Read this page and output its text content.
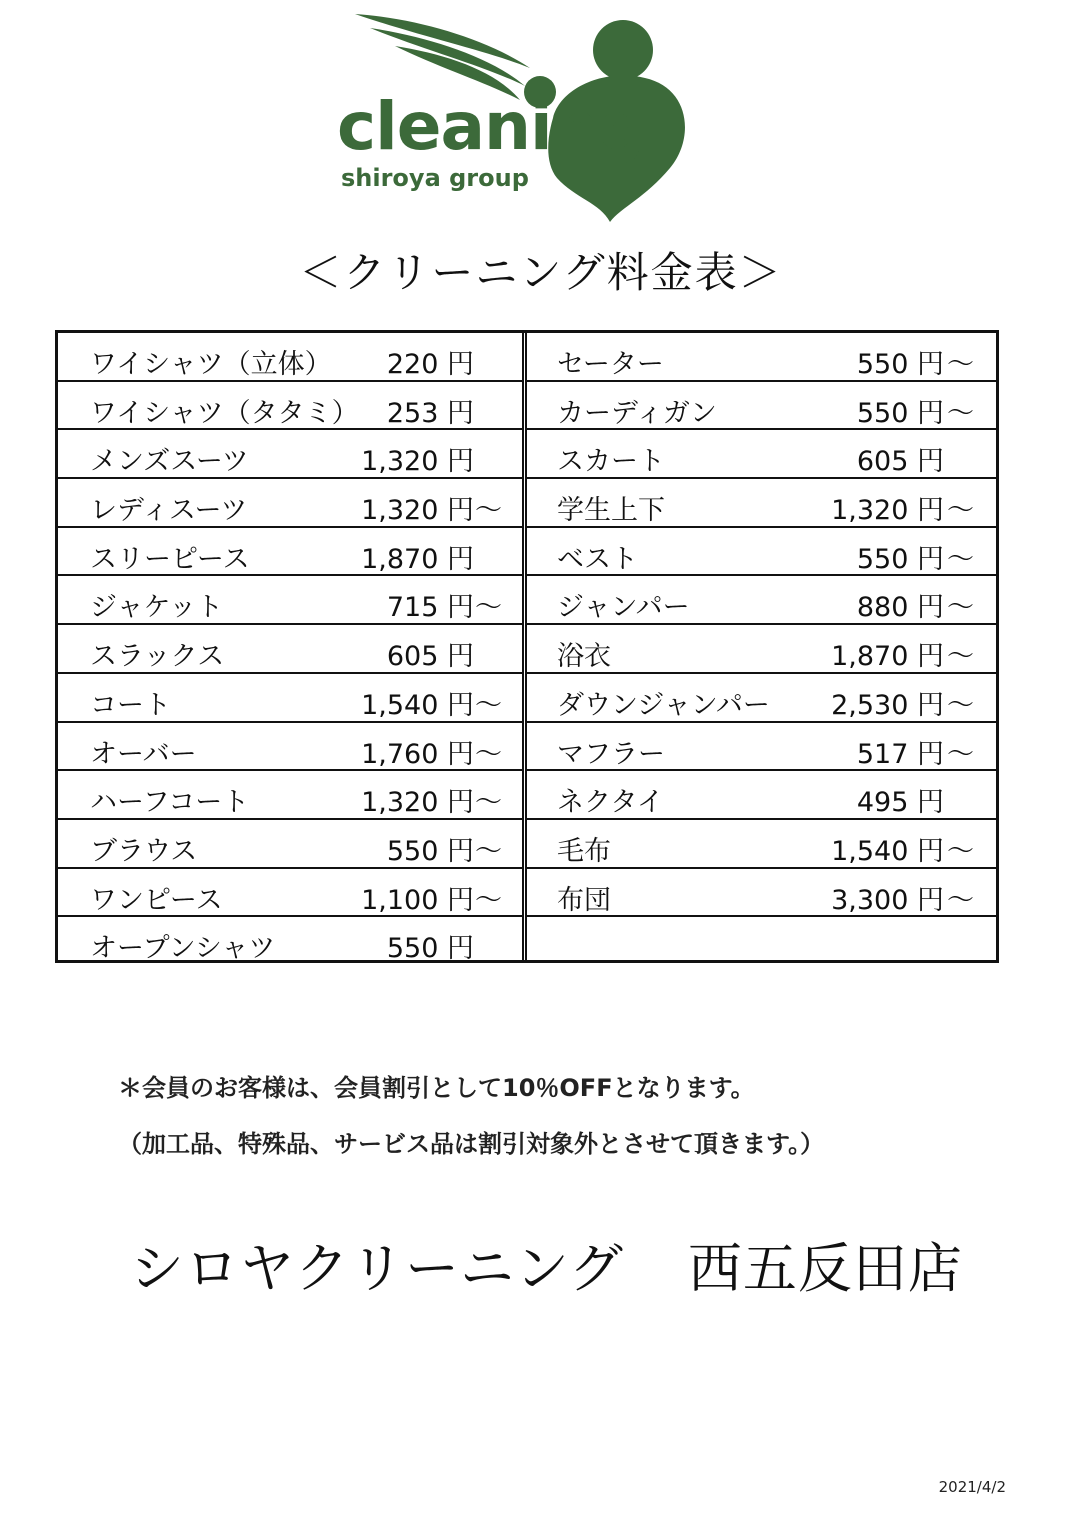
cleaning
shiroya group
＜クリーニング料金表＞
ワイシャツ（立体） 220 円
ワイシャツ（タタミ） 253 円
メンズスーツ	1,320 円
レディスーツ	1,320 円 ～
スリーピース	1,870 円
ジャケット	715 円 ～
スラックス	605 円
コート	1,540 円 ～
オーバー	1,760 円 ～
ハーフコート	1,320 円 ～
ブラウス	550 円 ～
ワンピース	1,100 円 ～
オープンシャツ	550 円
セーター	550 円 ～
カーディガン	550 円 ～
スカート	605 円
学生上下	1,320 円 ～
ベスト	550 円 ～
ジャンパー	880 円 ～
浴衣	1,870 円 ～
ダウンジャンパー 2,530 円 ～
マフラー	517 円 ～
ネクタイ	495 円
毛布	1,540 円 ～
布団	3,300 円 ～
＊会員のお客様は、会員割引として10％OFFとなります。
（加工品、特殊品、サービス品は割引対象外とさせて頂きます。）
シロヤクリーニング 西五反田店
2021/4/2
